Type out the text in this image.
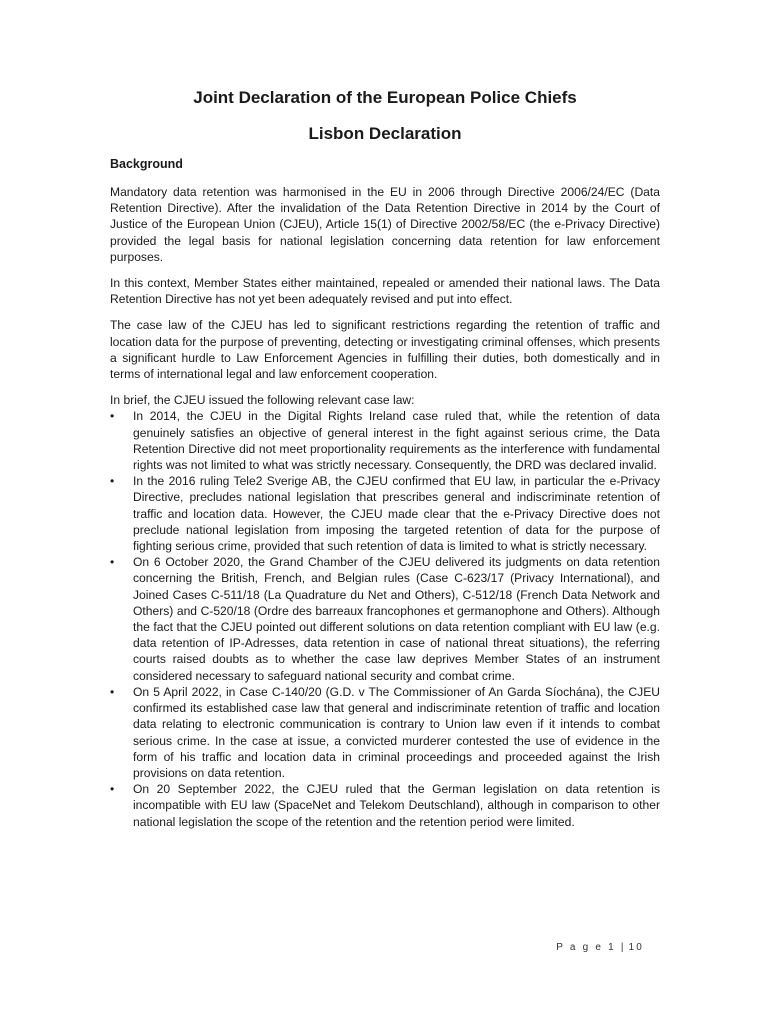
Joint Declaration of the European Police Chiefs
Lisbon Declaration
Background

Mandatory data retention was harmonised in the EU in 2006 through Directive 2006/24/EC (Data Retention Directive). After the invalidation of the Data Retention Directive in 2014 by the Court of Justice of the European Union (CJEU), Article 15(1) of Directive 2002/58/EC (the e-Privacy Directive) provided the legal basis for national legislation concerning data retention for law enforcement purposes.

In this context, Member States either maintained, repealed or amended their national laws. The Data Retention Directive has not yet been adequately revised and put into effect.

The case law of the CJEU has led to significant restrictions regarding the retention of traffic and location data for the purpose of preventing, detecting or investigating criminal offenses, which presents a significant hurdle to Law Enforcement Agencies in fulfilling their duties, both domestically and in terms of international legal and law enforcement cooperation.

In brief, the CJEU issued the following relevant case law:

• In 2014, the CJEU in the Digital Rights Ireland case ruled that, while the retention of data genuinely satisfies an objective of general interest in the fight against serious crime, the Data Retention Directive did not meet proportionality requirements as the interference with fundamental rights was not limited to what was strictly necessary. Consequently, the DRD was declared invalid.
• In the 2016 ruling Tele2 Sverige AB, the CJEU confirmed that EU law, in particular the e-Privacy Directive, precludes national legislation that prescribes general and indiscriminate retention of traffic and location data. However, the CJEU made clear that the e-Privacy Directive does not preclude national legislation from imposing the targeted retention of data for the purpose of fighting serious crime, provided that such retention of data is limited to what is strictly necessary.
• On 6 October 2020, the Grand Chamber of the CJEU delivered its judgments on data retention concerning the British, French, and Belgian rules (Case C-623/17 (Privacy International), and Joined Cases C-511/18 (La Quadrature du Net and Others), C-512/18 (French Data Network and Others) and C-520/18 (Ordre des barreaux francophones et germanophone and Others). Although the fact that the CJEU pointed out different solutions on data retention compliant with EU law (e.g. data retention of IP-Adresses, data retention in case of national threat situations), the referring courts raised doubts as to whether the case law deprives Member States of an instrument considered necessary to safeguard national security and combat crime.
• On 5 April 2022, in Case C-140/20 (G.D. v The Commissioner of An Garda Síochána), the CJEU confirmed its established case law that general and indiscriminate retention of traffic and location data relating to electronic communication is contrary to Union law even if it intends to combat serious crime. In the case at issue, a convicted murderer contested the use of evidence in the form of his traffic and location data in criminal proceedings and proceeded against the Irish provisions on data retention.
• On 20 September 2022, the CJEU ruled that the German legislation on data retention is incompatible with EU law (SpaceNet and Telekom Deutschland), although in comparison to other national legislation the scope of the retention and the retention period were limited.
P a g e 1 | 10
